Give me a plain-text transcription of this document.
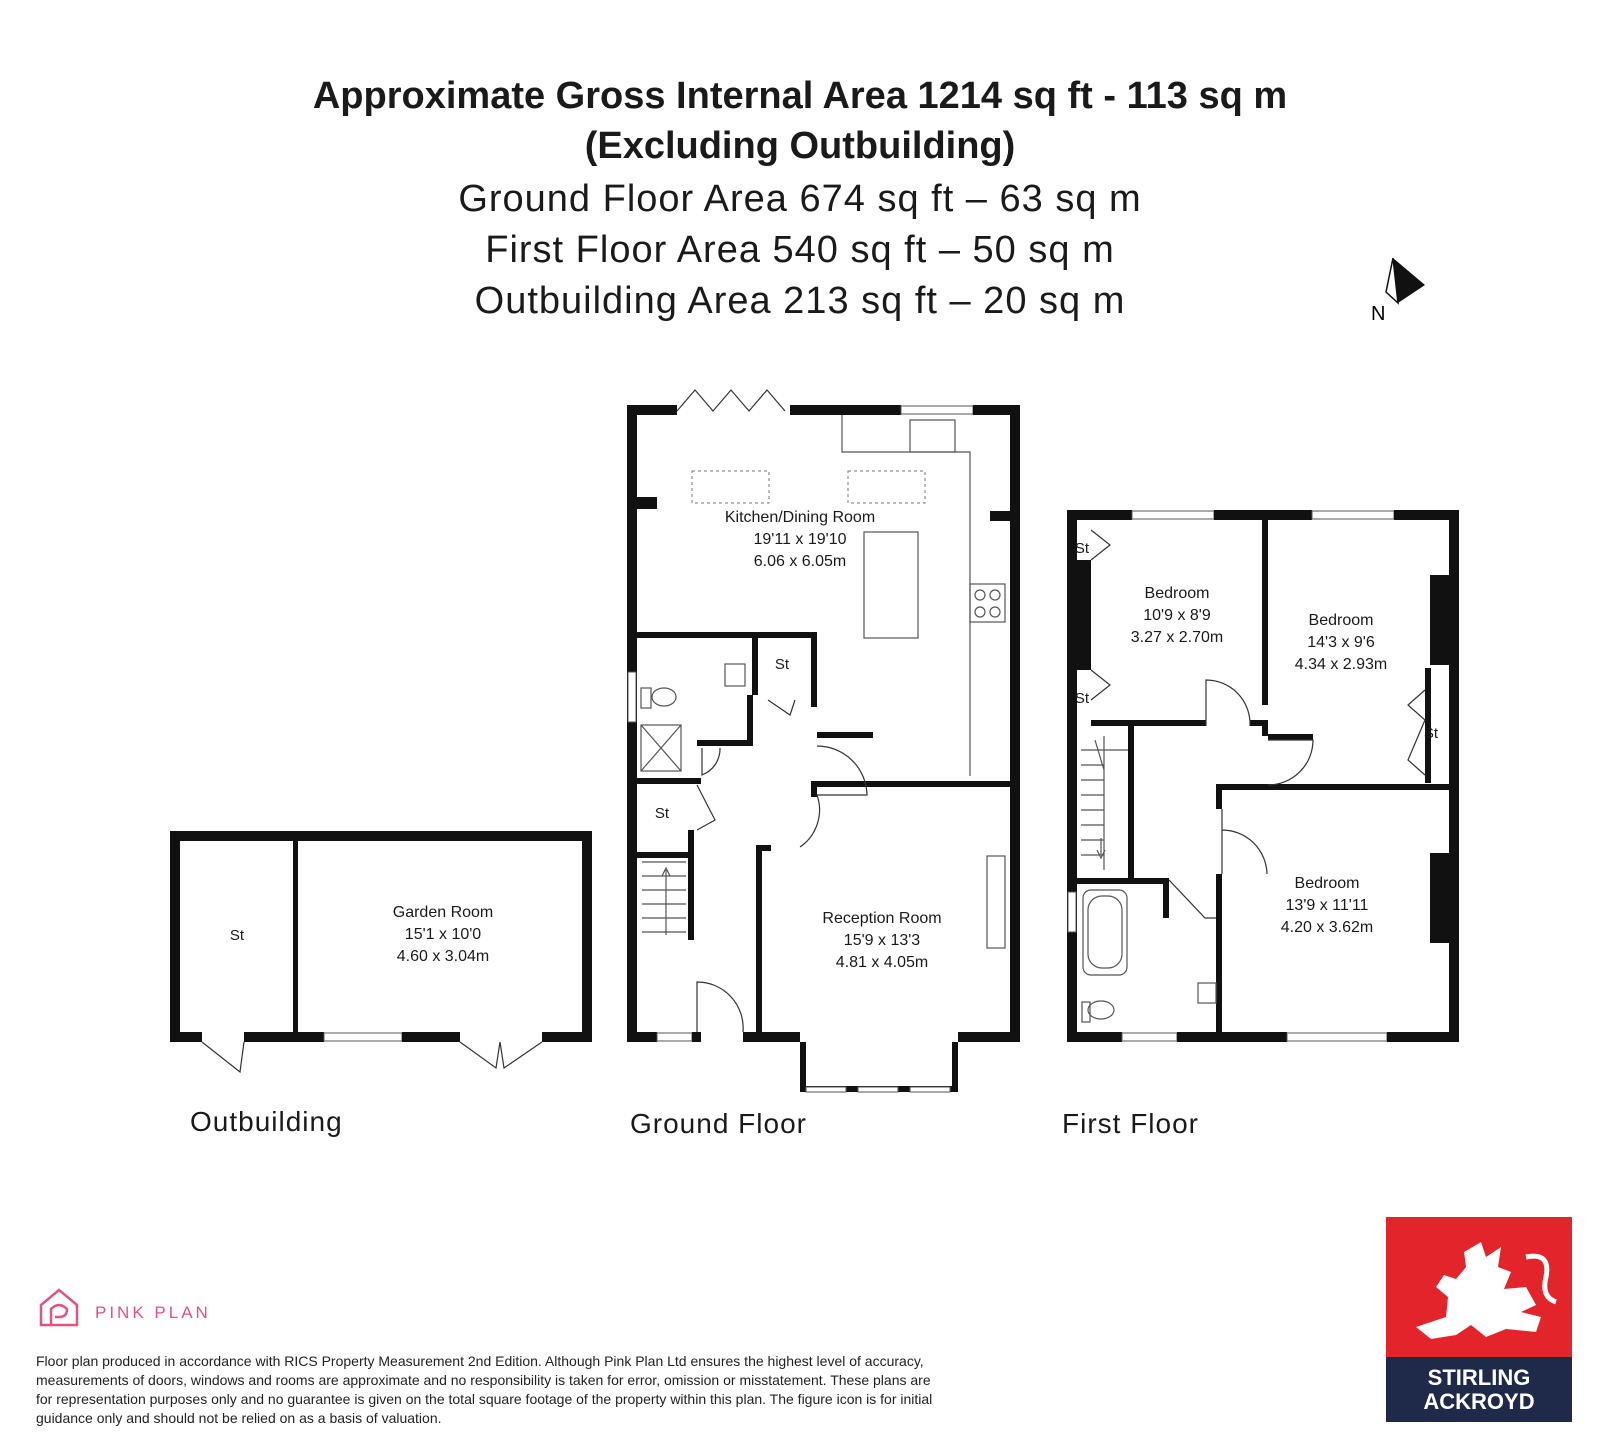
Approximate Gross Internal Area 1214 sq ft - 113 sq m
(Excluding Outbuilding)
Ground Floor Area 674 sq ft – 63 sq m
First Floor Area 540 sq ft – 50 sq m
Outbuilding Area 213 sq ft – 20 sq m	N
St
Garden Room
15'1 x 10'0
4.60 x 3.04m
Outbuilding
St
St
Kitchen/Dining Room
19'11 x 19'10
6.06 x 6.05m
Reception Room
15'9 x 13'3
4.81 x 4.05m
Ground Floor
St
St
St
Bedroom
10'9 x 8'9
3.27 x 2.70m
Bedroom
14'3 x 9'6
4.34 x 2.93m
Bedroom
13'9 x 11'11
4.20 x 3.62m
First Floor
PINK PLAN
Floor plan produced in accordance with RICS Property Measurement 2nd Edition. Although Pink Plan Ltd ensures the highest level of accuracy, measurements of doors, windows and rooms are approximate and no responsibility is taken for error, omission or misstatement. These plans are for representation purposes only and no guarantee is given on the total square footage of the property within this plan. The figure icon is for initial guidance only and should not be relied on as a basis of valuation.
STIRLING
ACKROYD
